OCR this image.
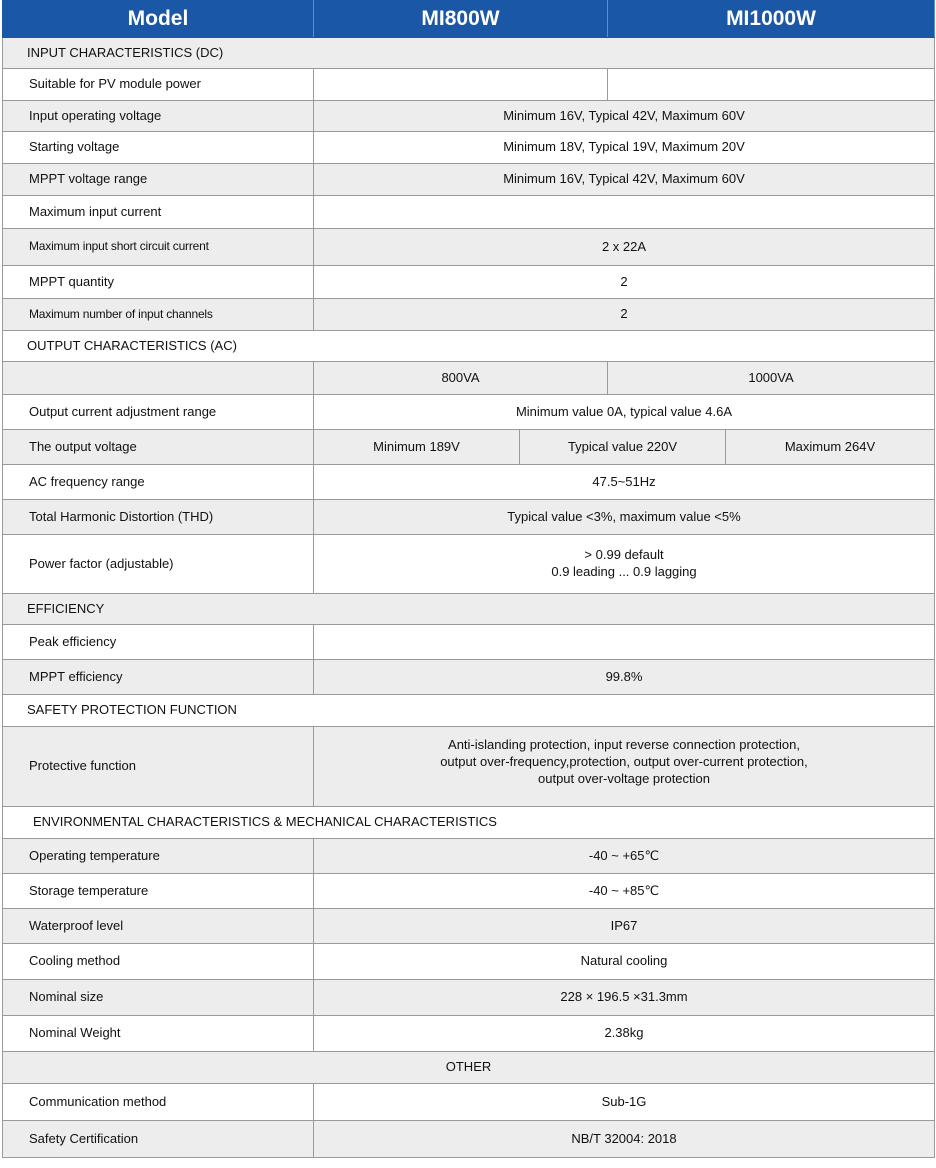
Model	MI800W		MI1000W	
INPUT CHARACTERISTICS (DC)				
Suitable for PV module power				
Input operating voltage	Minimum 16V, Typical 42V, Maximum 60V			
Starting voltage	Minimum 18V, Typical 19V, Maximum 20V			
MPPT voltage range	Minimum 16V, Typical 42V, Maximum 60V			
Maximum input current				
Maximum input short circuit current	2 x 22A			
MPPT quantity	2			
Maximum number of input channels	2			
OUTPUT CHARACTERISTICS (AC)				
	800VA		1000VA	
Output current adjustment range	Minimum value 0A, typical value 4.6A			
The output voltage	Minimum 189V	Typical value 220V		Maximum 264V
AC frequency range	47.5~51Hz			
Total Harmonic Distortion (THD)	Typical value <3%, maximum value <5%			
Power factor (adjustable)	> 0.99 default
0.9 leading ... 0.9 lagging			

EFFICIENCY				
Peak efficiency				
MPPT efficiency	99.8%			
SAFETY PROTECTION FUNCTION				
Protective function	Anti-islanding protection, input reverse connection protection,
output over-frequency,protection, output over-current protection,
output over-voltage protection			

ENVIRONMENTAL CHARACTERISTICS & MECHANICAL CHARACTERISTICS				
Operating temperature	-40 ~ +65℃			
Storage temperature	-40 ~ +85℃			
Waterproof level	IP67			
Cooling method	Natural cooling			
Nominal size	228 × 196.5 ×31.3mm			
Nominal Weight	2.38kg			
OTHER				
Communication method	Sub-1G			
Safety Certification	NB/T 32004: 2018			
